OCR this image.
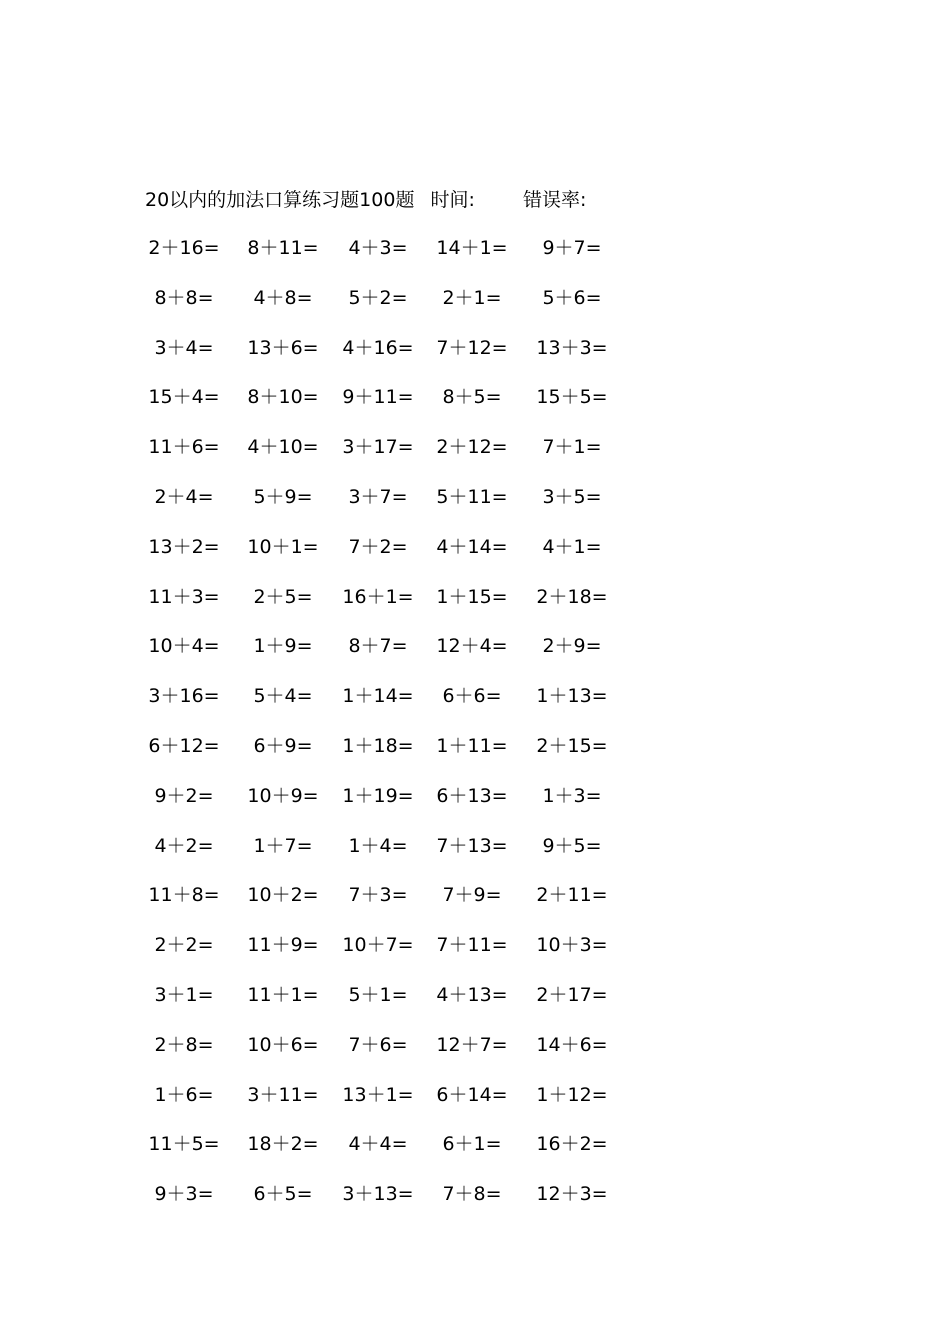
20以内的加法口算练习题100题 时间:	错误率:
2＋16=	8＋11=	4＋3=	14＋1=	9＋7=
8＋8=	4＋8=	5＋2=	2＋1=	5＋6=
3＋4=	13＋6=	4＋16=	7＋12=	13＋3=
15＋4=	8＋10=	9＋11=	8＋5=	15＋5=
11＋6=	4＋10=	3＋17=	2＋12=	7＋1=
2＋4=	5＋9=	3＋7=	5＋11=	3＋5=
13＋2=	10＋1=	7＋2=	4＋14=	4＋1=
11＋3=	2＋5=	16＋1=	1＋15=	2＋18=
10＋4=	1＋9=	8＋7=	12＋4=	2＋9=
3＋16=	5＋4=	1＋14=	6＋6=	1＋13=
6＋12=	6＋9=	1＋18=	1＋11=	2＋15=
9＋2=	10＋9=	1＋19=	6＋13=	1＋3=
4＋2=	1＋7=	1＋4=	7＋13=	9＋5=
11＋8=	10＋2=	7＋3=	7＋9=	2＋11=
2＋2=	11＋9=	10＋7=	7＋11=	10＋3=
3＋1=	11＋1=	5＋1=	4＋13=	2＋17=
2＋8=	10＋6=	7＋6=	12＋7=	14＋6=
1＋6=	3＋11=	13＋1=	6＋14=	1＋12=
11＋5=	18＋2=	4＋4=	6＋1=	16＋2=
9＋3=	6＋5=	3＋13=	7＋8=	12＋3=
